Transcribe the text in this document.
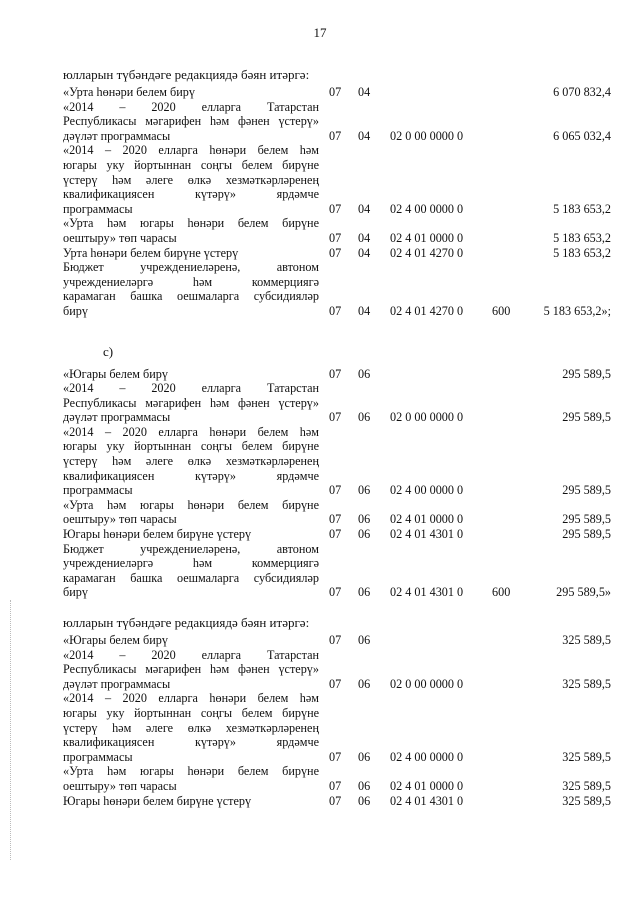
17
юлларын түбәндәге редакциядә бәян итәргә:
«Урта һөнәри белем бирү	07 04	6 070 832,4
«2014 – 2020 елларга Татарстан
Республикасы мәгарифен һәм фәнен үстерү»
дәүләт программасы	07 04 02 0 00 0000 0	6 065 032,4
«2014 – 2020 елларга һөнәри белем һәм
югары уку йортыннан соңгы белем бирүне
үстерү һәм әлеге өлкә хезмәткәрләренең
квалификациясен күтәрү» ярдәмче
программасы	07 04 02 4 00 0000 0	5 183 653,2
«Урта һәм югары һөнәри белем бирүне
оештыру» төп чарасы	07 04 02 4 01 0000 0	5 183 653,2
Урта һөнәри белем бирүне үстерү	07 04 02 4 01 4270 0	5 183 653,2
Бюджет учреждениеләренә, автоном
учреждениеләргә һәм коммерциягә
карамаган башка оешмаларга субсидияләр
бирү	07 04 02 4 01 4270 0 600	5 183 653,2»;
с)
«Югары белем бирү	07 06	295 589,5
«2014 – 2020 елларга Татарстан
Республикасы мәгарифен һәм фәнен үстерү»
дәүләт программасы	07 06 02 0 00 0000 0	295 589,5
«2014 – 2020 елларга һөнәри белем һәм
югары уку йортыннан соңгы белем бирүне
үстерү һәм әлеге өлкә хезмәткәрләренең
квалификациясен күтәрү» ярдәмче
программасы	07 06 02 4 00 0000 0	295 589,5
«Урта һәм югары һөнәри белем бирүне
оештыру» төп чарасы	07 06 02 4 01 0000 0	295 589,5
Югары һөнәри белем бирүне үстерү	07 06 02 4 01 4301 0	295 589,5
Бюджет учреждениеләренә, автоном
учреждениеләргә һәм коммерциягә
карамаган башка оешмаларга субсидияләр
бирү	07 06 02 4 01 4301 0 600	295 589,5»
юлларын түбәндәге редакциядә бәян итәргә:
«Югары белем бирү	07 06	325 589,5
«2014 – 2020 елларга Татарстан
Республикасы мәгарифен һәм фәнен үстерү»
дәүләт программасы	07 06 02 0 00 0000 0	325 589,5
«2014 – 2020 елларга һөнәри белем һәм
югары уку йортыннан соңгы белем бирүне
үстерү һәм әлеге өлкә хезмәткәрләренең
квалификациясен күтәрү» ярдәмче
программасы	07 06 02 4 00 0000 0	325 589,5
«Урта һәм югары һөнәри белем бирүне
оештыру» төп чарасы	07 06 02 4 01 0000 0	325 589,5
Югары һөнәри белем бирүне үстерү	07 06 02 4 01 4301 0	325 589,5
